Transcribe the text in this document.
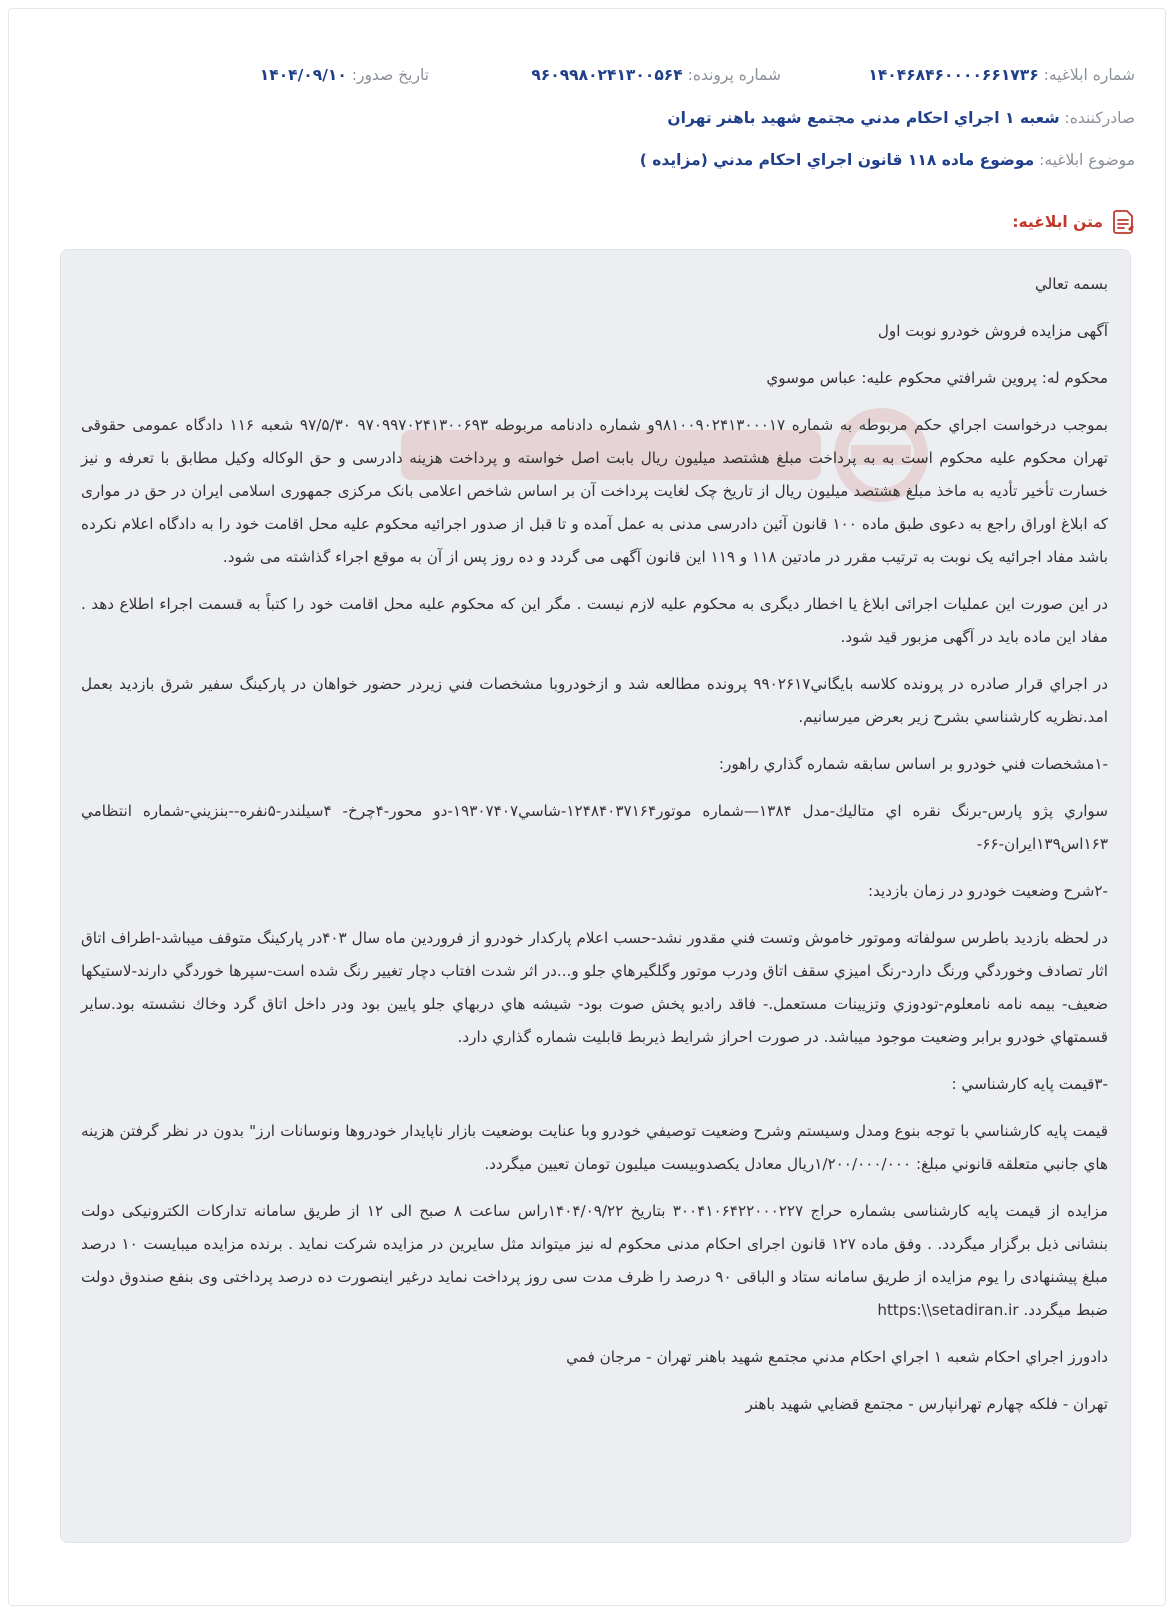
شماره ابلاغیه: ۱۴۰۴۶۸۴۶۰۰۰۰۶۶۱۷۳۶
شماره پرونده: ۹۶۰۹۹۸۰۲۴۱۳۰۰۵۶۴
تاریخ صدور: ۱۴۰۴/۰۹/۱۰
صادرکننده: شعبه ۱ اجراي احكام مدني مجتمع شهيد باهنر تهران
موضوع ابلاغیه: موضوع ماده ۱۱۸ قانون اجراي احكام مدني (مزايده )
متن ابلاغیه:

بسمه تعالي

آگهی مزایده فروش خودرو نوبت اول

محكوم له: پروين شرافتي محكوم عليه: عباس موسوي

بموجب درخواست اجراي حكم مربوطه به شماره ۹۸۱۰۰۹۰۲۴۱۳۰۰۰۱۷و شماره دادنامه مربوطه ۹۷۰۹۹۷۰۲۴۱۳۰۰۶۹۳ ۹۷/۵/۳۰ شعبه ۱۱۶ دادگاه عمومی حقوقی تهران محکوم علیه محکوم است به به پرداخت مبلغ هشتصد میلیون ریال بابت اصل خواسته و پرداخت هزینه دادرسی و حق الوکاله وکیل مطابق با تعرفه و نیز خسارت تأخیر تأدیه به ماخذ مبلغ هشتصد میلیون ریال از تاریخ چک لغایت پرداخت آن بر اساس شاخص اعلامی بانک مرکزی جمهوری اسلامی ایران در حق در مواری که ابلاغ اوراق راجع به دعوی طبق ماده ۱۰۰ قانون آئین دادرسی مدنی به عمل آمده و تا قبل از صدور اجرائیه محکوم علیه محل اقامت خود را به دادگاه اعلام نکرده باشد مفاد اجرائیه یک نوبت به ترتیب مقرر در مادتین ۱۱۸ و ۱۱۹ این قانون آگهی می گردد و ده روز پس از آن به موقع اجراء گذاشته می شود.

در این صورت این عملیات اجرائی ابلاغ یا اخطار دیگری به محکوم علیه لازم نیست . مگر این که محکوم علیه محل اقامت خود را کتباً به قسمت اجراء اطلاع دهد . مفاد این ماده باید در آگهی مزبور قید شود.

در اجراي قرار صادره در پرونده كلاسه بايگاني۹۹۰۲۶۱۷ پرونده مطالعه شد و ازخودروبا مشخصات فني زيردر حضور خواهان در پاركينگ سفير شرق بازديد بعمل امد.نظريه كارشناسي بشرح زير بعرض ميرسانيم.

-۱مشخصات فني خودرو بر اساس سابقه شماره گذاري راهور:

سواري پژو پارس-برنگ نقره اي متاليك-مدل ۱۳۸۴—شماره موتور۱۲۴۸۴۰۳۷۱۶۴-شاسي۱۹۳۰۷۴۰۷-دو محور-۴چرخ- ۴سيلندر-۵نفره--بنزيني-شماره انتظامي ۱۶۳اس۱۳۹ایران-۶۶-

-۲شرح وضعيت خودرو در زمان بازديد:

در لحظه بازديد باطرس سولفاته وموتور خاموش وتست فني مقدور نشد-حسب اعلام پاركدار خودرو از فروردين ماه سال ۴۰۳در پاركينگ متوقف ميباشد-اطراف اتاق اثار تصادف وخوردگي ورنگ دارد-رنگ اميزي سقف اتاق ودرب موتور وگلگيرهاي جلو و...در اثر شدت افتاب دچار تغيير رنگ شده است-سپرها خوردگي دارند-لاستيكها ضعيف- بيمه نامه نامعلوم-تودوزي وتزيينات مستعمل.- فاقد راديو پخش صوت بود- شيشه هاي دربهاي جلو پايين بود ودر داخل اتاق گرد وخاك نشسته بود.ساير قسمتهاي خودرو برابر وضعيت موجود ميباشد. در صورت احراز شرايط ذيربط قابليت شماره گذاري دارد.

-۳قيمت پايه كارشناسي :

قيمت پايه كارشناسي با توجه بنوع ومدل وسيستم وشرح وضعيت توصيفي خودرو وبا عنايت بوضعيت بازار ناپايدار خودروها ونوسانات ارز" بدون در نظر گرفتن هزينه هاي جانبي متعلقه قانوني مبلغ: ۱/۲۰۰/۰۰۰/۰۰۰ريال معادل يكصدوبيست ميليون تومان تعيين ميگردد.

مزایده از قیمت پایه کارشناسی بشماره حراج ۳۰۰۴۱۰۶۴۲۲۰۰۰۲۲۷ بتاريخ ۱۴۰۴/۰۹/۲۲راس ساعت ۸ صبح الی ۱۲ از طریق سامانه تدارکات الکترونیکی دولت بنشانی ذیل برگزار میگردد. . وفق ماده ۱۲۷ قانون اجرای احکام مدنی محکوم له نیز میتواند مثل سایرین در مزایده شرکت نماید . برنده مزایده میبایست ۱۰ درصد مبلغ پیشنهادی را یوم مزایده از طریق سامانه ستاد و الباقی ۹۰ درصد را ظرف مدت سی روز پرداخت نماید درغیر اینصورت ده درصد پرداختی وی بنفع صندوق دولت ضبط میگردد. https:\\setadiran.ir

دادورز اجراي احكام شعبه ۱ اجراي احكام مدني مجتمع شهيد باهنر تهران - مرجان فمي

تهران - فلكه چهارم تهرانپارس - مجتمع قضايي شهيد باهنر
